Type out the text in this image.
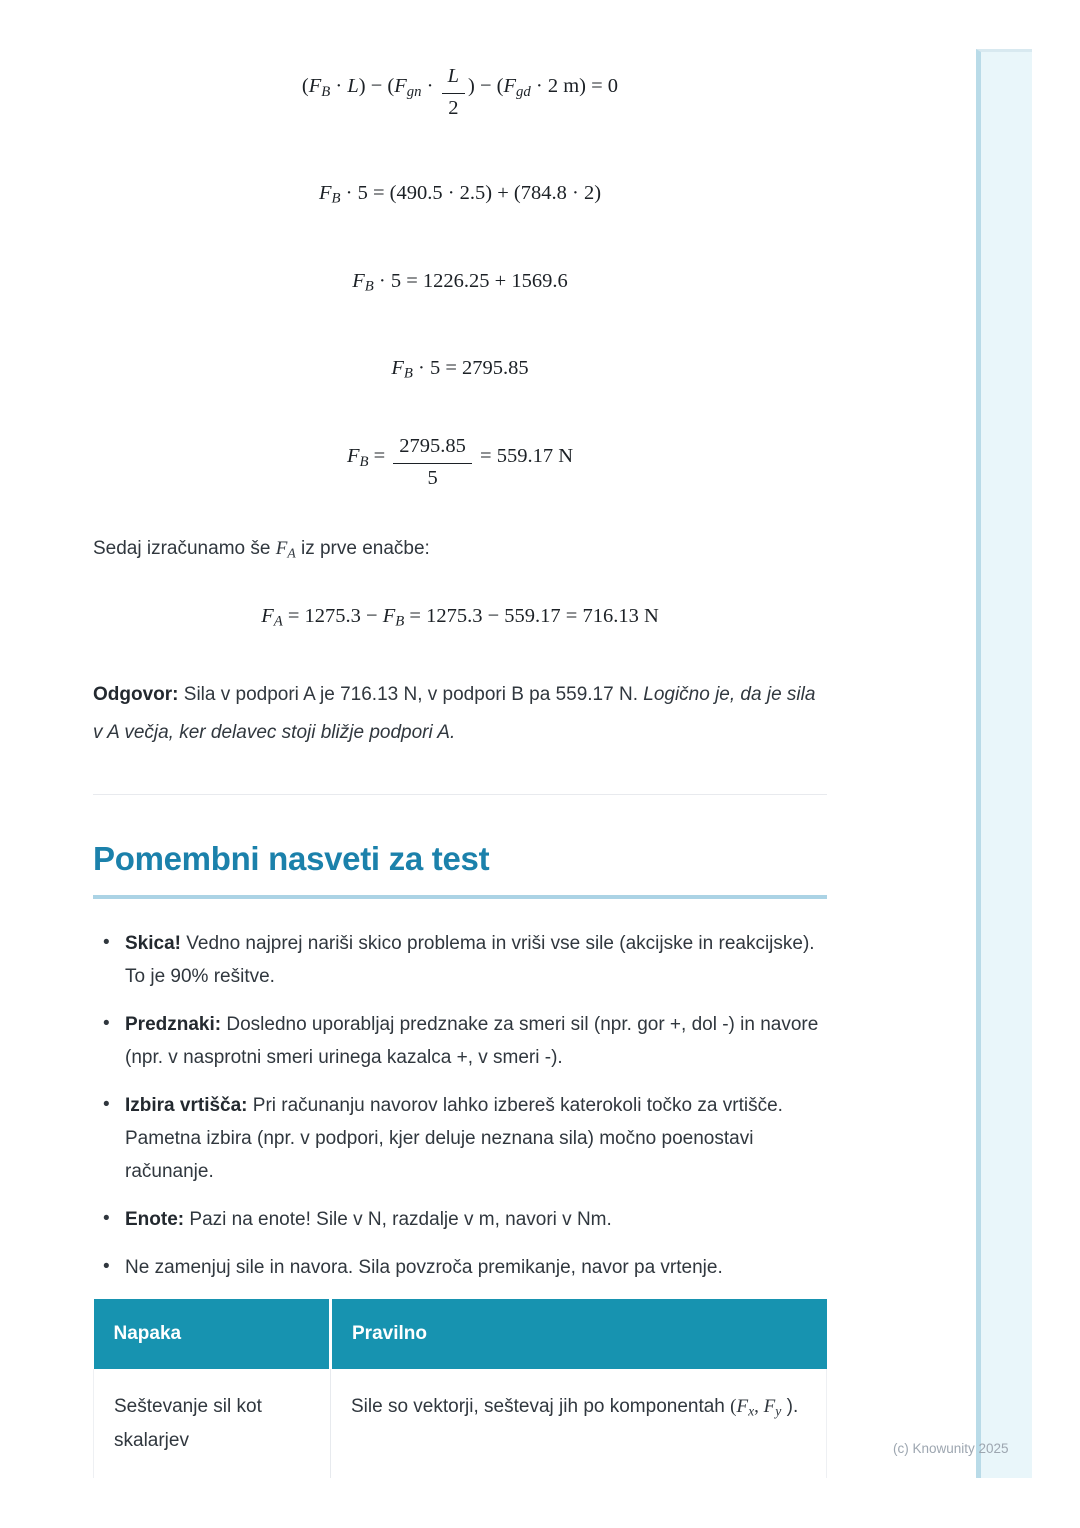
$(F_B \cdot L) - (F_{gn} \cdot \frac{L}{2}$ ) − ($F_{gd} \cdot 2$ m) = 0
$F_B \cdot 5 = (490.5 \cdot 2.5) + (784.8 \cdot 2)$
$F_B \cdot 5 = 1226.25 + 1569.6$
$F_B \cdot 5 = 2795.85$
$F_B = \frac{2795.85}{5} = 559.17$ N

Sedaj izračunamo še $F_A$ iz prve enačbe:

$F_A = 1275.3 - F_B = 1275.3 - 559.17 = 716.13$ N

Odgovor: Sila v podpori A je 716.13 N, v podpori B pa 559.17 N. Logično je, da je sila v A večja, ker delavec stoji bližje podpori A.

Pomembni nasveti za test
• Skica! Vedno najprej nariši skico problema in vriši vse sile (akcijske in reakcijske). To je 90% rešitve.
• Predznaki: Dosledno uporabljaj predznake za smeri sil (npr. gor +, dol -) in navore (npr. v nasprotni smeri urinega kazalca +, v smeri -).
• Izbira vrtišča: Pri računanju navorov lahko izbereš katerokoli točko za vrtišče. Pametna izbira (npr. v podpori, kjer deluje neznana sila) močno poenostavi računanje.
• Enote: Pazi na enote! Sile v N, razdalje v m, navori v Nm.
• Ne zamenjuj sile in navora. Sila povzroča premikanje, navor pa vrtenje.
Napaka	Pravilno
Seštevanje sil kot skalarjev	Sile so vektorji, seštevaj jih po komponentah ($F_x$, $F_y$ ).

(c) Knowunity 2025
